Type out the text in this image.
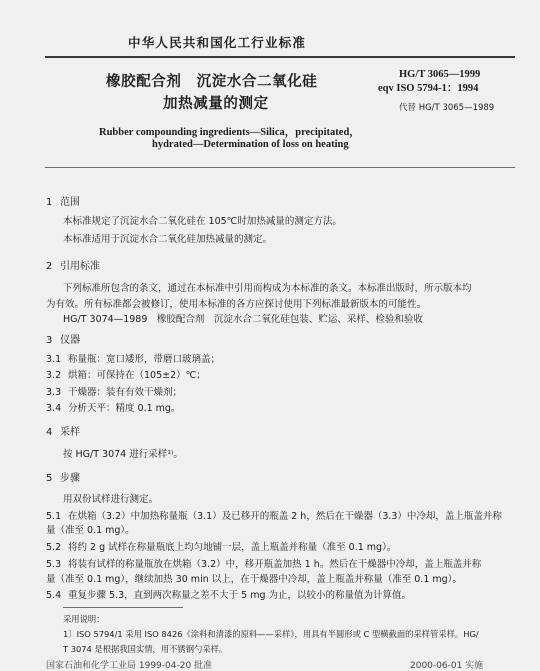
中华人民共和国化工行业标准
橡胶配合剂　沉淀水合二氧化硅
加热减量的测定
HG/T 3065—1999
eqv ISO 5794-1：1994
代替 HG/T 3065—1989
Rubber compounding ingredients—Silica，precipitated，
hydrated—Determination of loss on heating
1 范围
本标准规定了沉淀水合二氧化硅在 105℃时加热减量的测定方法。
本标准适用于沉淀水合二氧化硅加热减量的测定。
2 引用标准
下列标准所包含的条文，通过在本标准中引用而构成为本标准的条文。本标准出版时，所示版本均
为有效。所有标准都会被修订，使用本标准的各方应探讨使用下列标准最新版本的可能性。
HG/T 3074—1989　橡胶配合剂　沉淀水合二氧化硅包装、贮运、采样、检验和验收
3 仪器
3.1 称量瓶：宽口矮形，带磨口玻璃盖；
3.2 烘箱：可保持在（105±2）℃；
3.3 干燥器：装有有效干燥剂；
3.4 分析天平：精度 0.1 mg。
4 采样
按 HG/T 3074 进行采样¹⁾。
5 步骤
用双份试样进行测定。
5.1 在烘箱（3.2）中加热称量瓶（3.1）及已移开的瓶盖 2 h，然后在干燥器（3.3）中冷却，盖上瓶盖并称
量（准至 0.1 mg）。
5.2 将约 2 g 试样在称量瓶底上均匀地铺一层，盖上瓶盖并称量（准至 0.1 mg）。
5.3 将装有试样的称量瓶放在烘箱（3.2）中，移开瓶盖加热 1 h。然后在干燥器中冷却，盖上瓶盖并称
量（准至 0.1 mg），继续加热 30 min 以上，在干燥器中冷却，盖上瓶盖并称量（准至 0.1 mg）。
5.4 重复步骤 5.3，直到两次称量之差不大于 5 mg 为止，以较小的称量值为计算值。
采用说明：
1〕ISO 5794/1 采用 ISO 8426《涂料和清漆的原料——采样》，用具有半圆形或 C 型横截面的采样管采样。HG/
T 3074 是根据我国实情，用不锈钢勺采样。
国家石油和化学工业局 1999-04-20 批准	2000-06-01 实施
